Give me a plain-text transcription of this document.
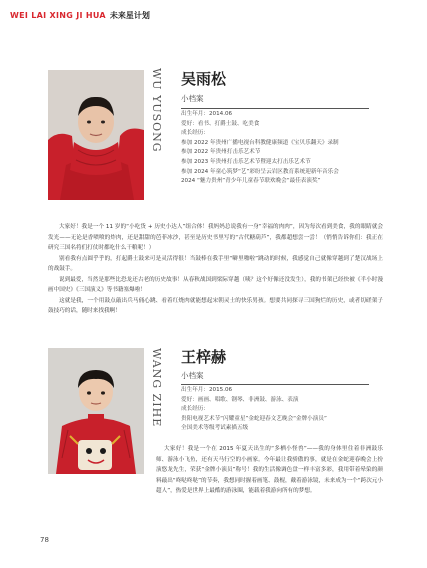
WEI LAI XING JI HUA 未来星计划
WU YUSONG 吴雨松
小档案
出生年月：2014.06
爱好：看书、打爵士鼓、吃美食
成长经历：
参加 2022 年贵州广播电视台科教健康频道《宝贝乐翻天》录制
参加 2022 年贵州打击乐艺术节
参加 2023 年贵州打击乐艺术节暨迎太打击乐艺术节
参加 2024 年童心筑梦“艺”彩纷呈云岩区教育系统迎新年音乐会
2024 “魅力贵州”青少年儿童春节联欢晚会“最佳表演奖”

大家好！我是一个 11 岁的“小吃货 + 历史小达人”组合体！我妈妈总说我有一身“幸福的肉肉”，因为每次看到美食，我的眼睛就会发光——无论是香喷喷的炸肉，还是甜甜的芭菲冰沙，甚至是历史书里写的“古代糖葫芦”，我都超想尝一尝！（悄悄告诉你们：我正在研究三国名将们打仗时都吃什么干粮呢！）

别看我有点圆乎乎的，打起爵士鼓来可是灵活得很！当鼓棒在我手里“噼里啪啦”跳动的时候，我感觉自己就像穿越到了楚汉战场上的战鼓手。

说到最爱，当然是那些比恐龙还古老的历史故事！从春秋战国到梁际穿越（咦？这个好像还没发生），我的书架已经快被《半小时漫画中国史》《三国演义》等书籍塞爆啦！

这就是我，一个用鼓点敲出兵马俑心跳、看着红烧肉就能想起宋朝灵士的快乐男孩。想要共同探寻三国狗烂的历史，或者切磋架子鼓技巧的话，随时来找我啊！

WANG ZIHE 王梓赫
小档案
出生年月：2015.06
爱好：画画、唱歌、钢琴、非洲鼓、游泳、表演
成长经历：
贵阳电视艺术节“闪耀童星”金蛇迎春文艺晚会“金牌小演员”
全国美术等级考试素描五级

大家好！我是一个在 2015 年夏天出生的“多栖小怪兽”——我的身体里住着非洲鼓乐师、游泳小飞鱼，还有天马行空的小画家。今年最让我骄傲的事，就是在金蛇迎春晚会上扮演悠龙先生，荣获“金牌小演员”称号！我的生活像调色盘一样丰富多彩，我用带着晕染的颜料敲出“咚哒咚哒”的节奏，我想同时握着画笔、鼓棍，戴着游泳镜，未来成为一个“跨次元小超人”，热爱是世界上最酷的游泳圈，能载着我游向所有的梦想。

78
